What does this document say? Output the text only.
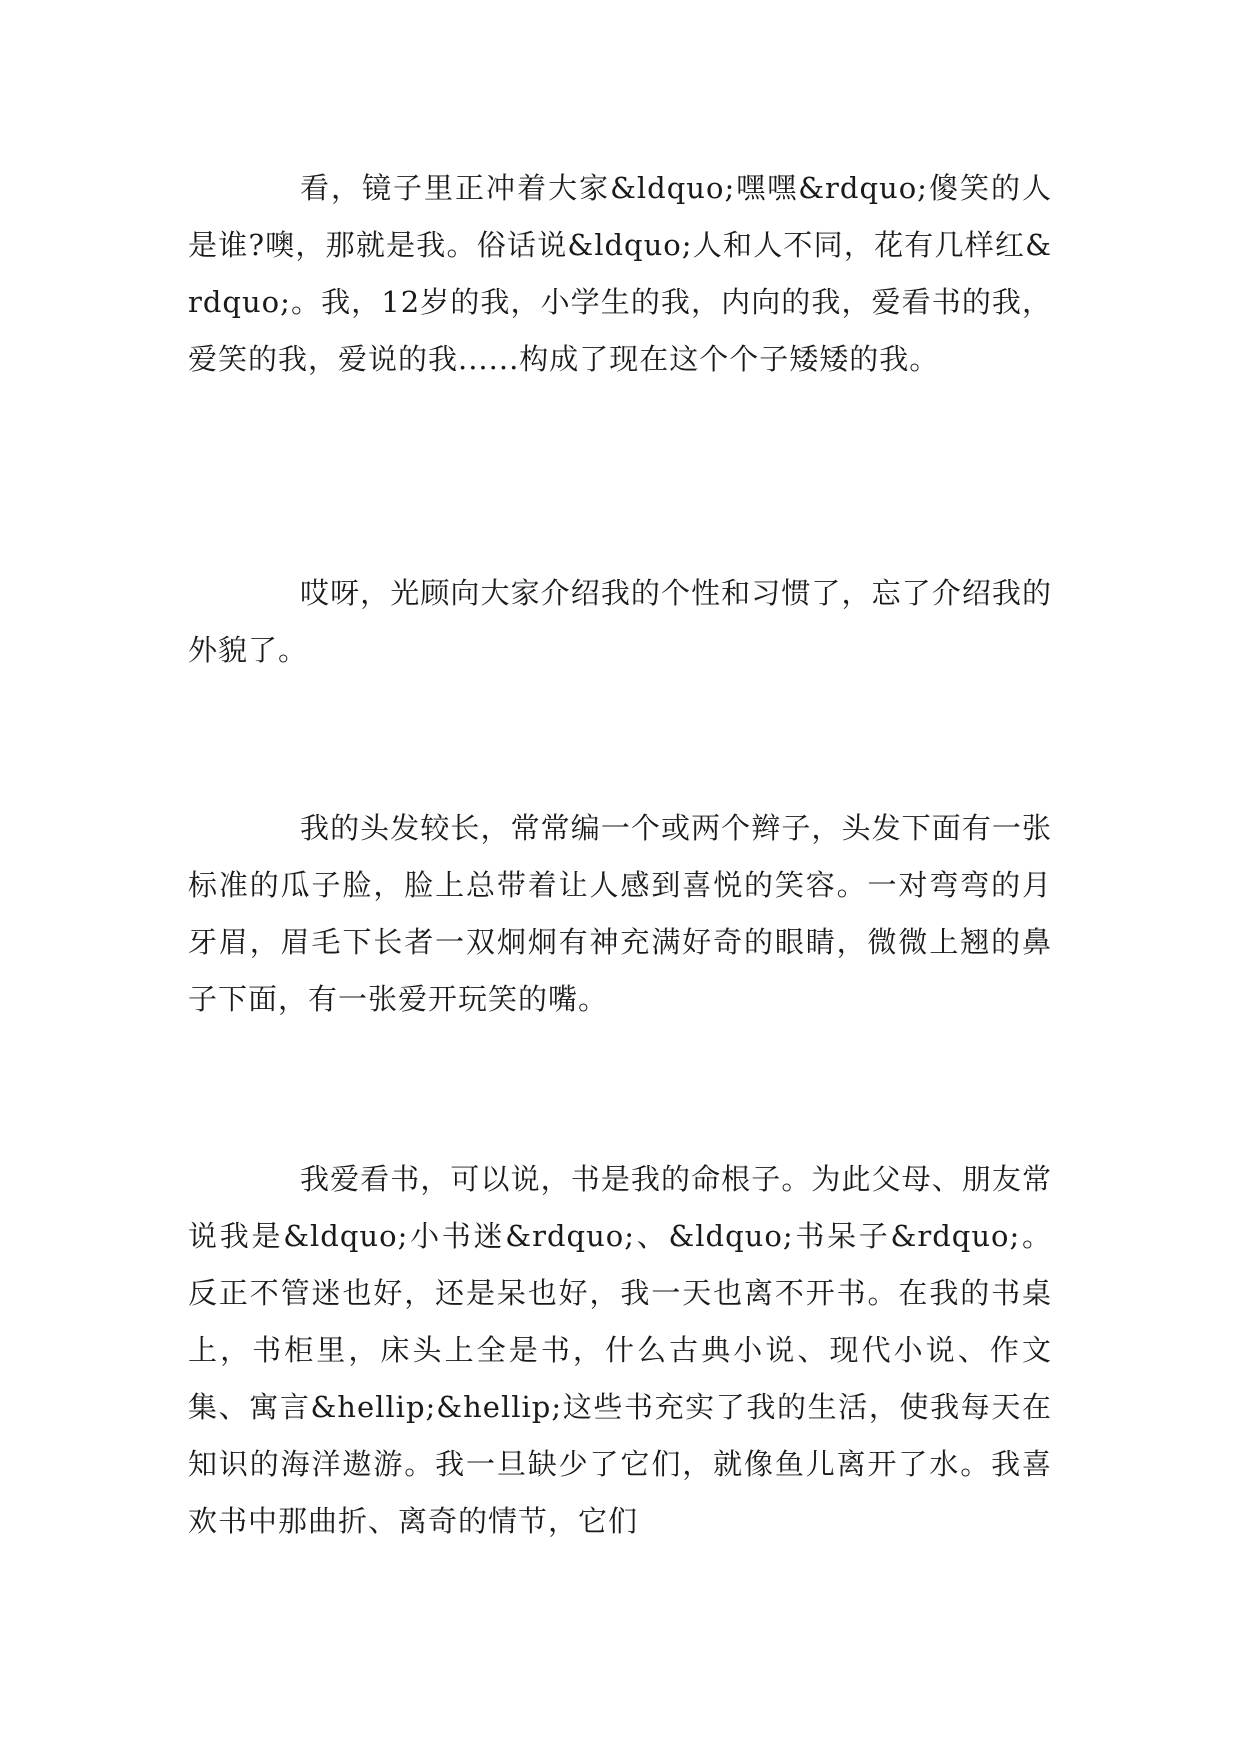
看，镜子里正冲着大家&ldquo;嘿嘿&rdquo;傻笑的人是谁?噢，那就是我。俗话说&ldquo;人和人不同，花有几样红&rdquo;。我，12岁的我，小学生的我，内向的我，爱看书的我，爱笑的我，爱说的我......构成了现在这个个子矮矮的我。

哎呀，光顾向大家介绍我的个性和习惯了，忘了介绍我的外貌了。

我的头发较长，常常编一个或两个辫子，头发下面有一张标准的瓜子脸，脸上总带着让人感到喜悦的笑容。一对弯弯的月牙眉，眉毛下长者一双炯炯有神充满好奇的眼睛，微微上翘的鼻子下面，有一张爱开玩笑的嘴。

我爱看书，可以说，书是我的命根子。为此父母、朋友常说我是&ldquo;小书迷&rdquo;、&ldquo;书呆子&rdquo;。反正不管迷也好，还是呆也好，我一天也离不开书。在我的书桌上，书柜里，床头上全是书，什么古典小说、现代小说、作文集、寓言&hellip;&hellip;这些书充实了我的生活，使我每天在知识的海洋遨游。我一旦缺少了它们，就像鱼儿离开了水。我喜欢书中那曲折、离奇的情节，它们
